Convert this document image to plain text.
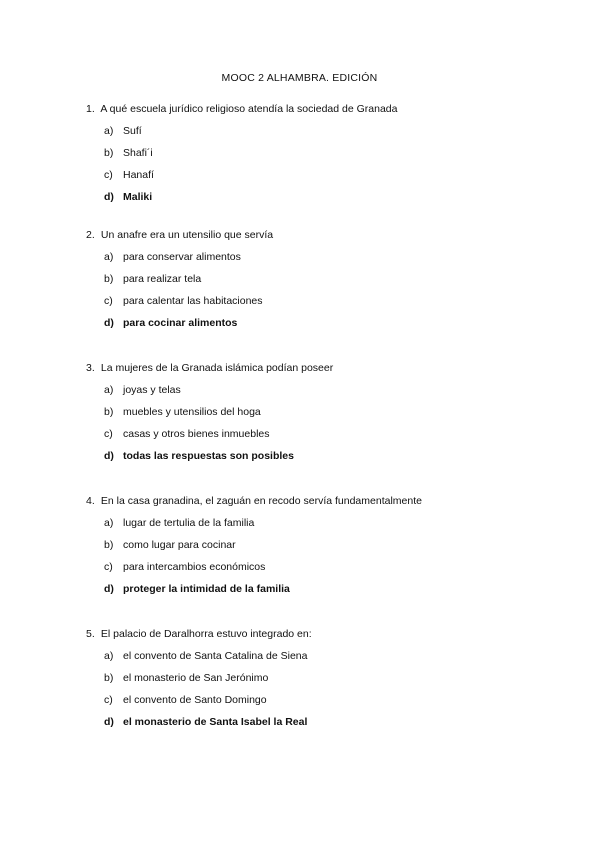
MOOC 2 ALHAMBRA. EDICIÓN
1. A qué escuela jurídico religioso atendía la sociedad de Granada
a) Sufí
b) Shafi´i
c) Hanafí
d) Maliki
2. Un anafre era un utensilio que servía
a) para conservar alimentos
b) para realizar tela
c) para calentar las habitaciones
d) para cocinar alimentos
3. La mujeres de la Granada islámica podían poseer
a) joyas y telas
b) muebles y utensilios del hoga
c) casas y otros bienes inmuebles
d) todas las respuestas son posibles
4. En la casa granadina, el zaguán en recodo servía fundamentalmente
a) lugar de tertulia de la familia
b) como lugar para cocinar
c) para intercambios económicos
d) proteger la intimidad de la familia
5. El palacio de Daralhorra estuvo integrado en:
a) el convento de Santa Catalina de Siena
b) el monasterio de San Jerónimo
c) el convento de Santo Domingo
d) el monasterio de Santa Isabel la Real
